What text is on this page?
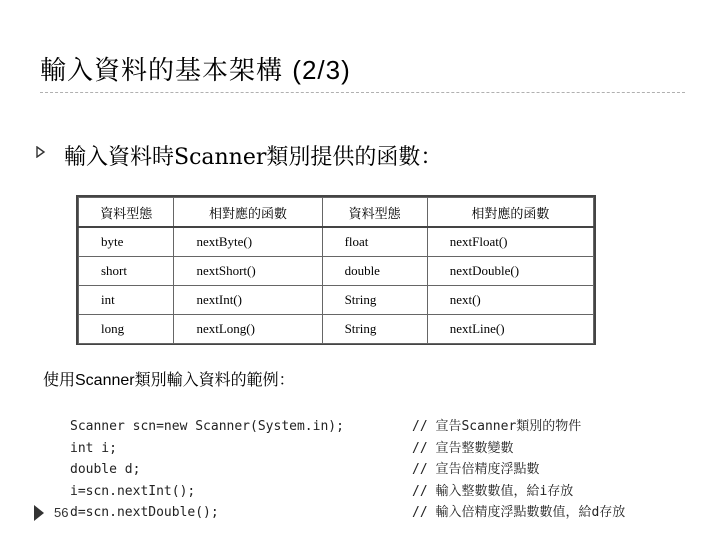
輸入資料的基本架構 (2/3)
輸入資料時Scanner類別提供的函數：
資料型態	相對應的函數	資料型態	相對應的函數
byte	nextByte()	float	nextFloat()
short	nextShort()	double	nextDouble()
int	nextInt()	String	next()
long	nextLong()	String	nextLine()
使用Scanner類別輸入資料的範例：
Scanner scn=new Scanner(System.in);
int i;
double d;
i=scn.nextInt();
d=scn.nextDouble();
// 宣告Scanner類別的物件
// 宣告整數變數
// 宣告倍精度浮點數
// 輸入整數數值，給i存放
// 輸入倍精度浮點數數值，給d存放
56
